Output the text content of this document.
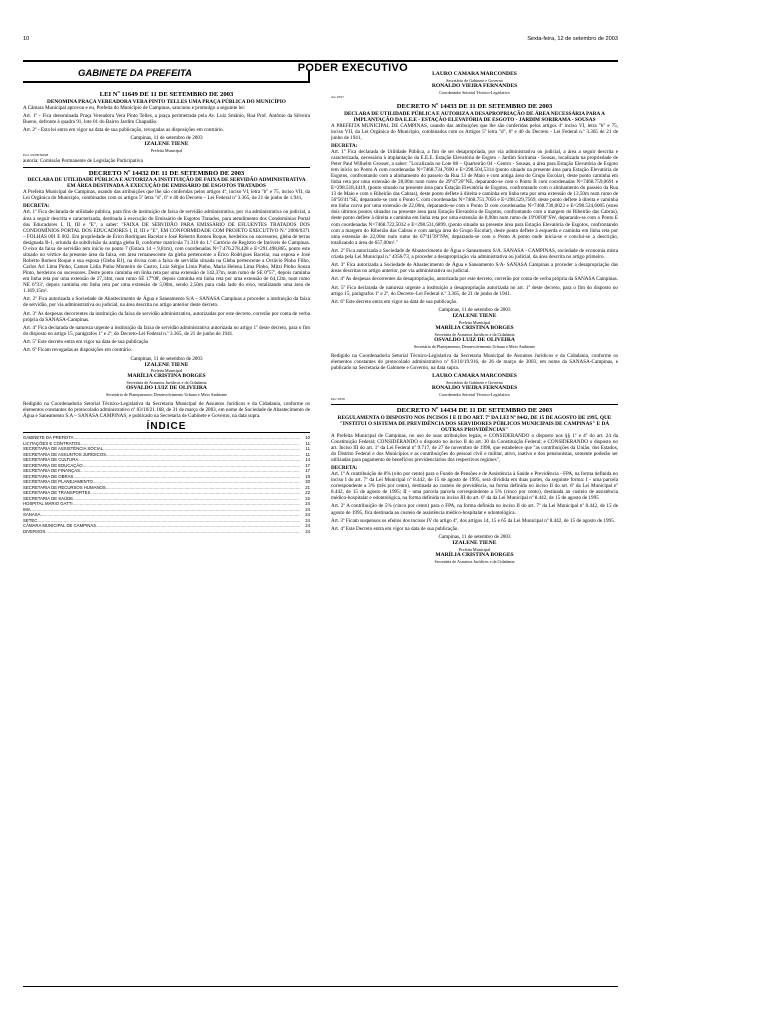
10	Sexta-feira, 12 de setembro de 2003
PODER EXECUTIVO
GABINETE DA PREFEITA
LEI Nº 11649 DE 11 DE SETEMBRO DE 2003
DENOMINA PRAÇA VEREADORA VERA PINTO TELLES UMA PRAÇA PÚBLICA DO MUNICÍPIO

A Câmara Municipal aprovou e eu, Prefeita do Município de Campinas, sanciono e promulgo a seguinte lei:

Art. 1º - Fica denominada Praça Vereadora Vera Pinto Telles, a praça perimetrada pela Av. Luiz Smânio, Rua Prof. Antônio da Silveira Bueno, defronte à quadra 91, lote 01 do Bairro Jardim Chapadão.

Art. 2º - Esta lei entra em vigor na data de sua publicação, revogadas as disposições em contrário.

Campinas, 11 de setembro de 2003
IZALENE TIENE
Prefeita Municipal
Prot. 03/08/36648
autoria: Comissão Permanente de Legislação Participativa
DECRETO Nº 14432 DE 11 DE SETEMBRO DE 2003
DECLARA DE UTILIDADE PÚBLICA E AUTORIZA A INSTITUIÇÃO DE FAIXA DE SERVIDÃO ADMINISTRATIVA EM ÁREA DESTINADA À EXECUÇÃO DE EMISSÁRIO DE ESGOTOS TRATADOS

A Prefeita Municipal de Campinas, usando das atribuições que lhe são conferidas pelos artigos 4º, inciso VI, letra "b" e 75, inciso VII, da Lei Orgânica do Município, combinados com os artigos 5º letra "d", 6º e 40 do Decreto – Lei Federal nº 3.365, de 21 de junho de 1.941,

DECRETA:

Art. 1º Fica declarada de utilidade pública, para fins de instituição de faixa de servidão administrativa, por via administrativa ou judicial, a área a seguir descrita e caracterizada, destinada à execução do Emissário de Esgotos Tratados, para atendimento dos Condomínios Portal dos Educadores I, II, III e "E", a saber: "FAIXA DE SERVIDÃO PARA EMISSÁRIO DE EFLUENTES TRATADOS DOS CONDOMÍNIOS PORTAL DOS EDUCADORES I, II, III e "E", EM CONFORMIDADE COM PROJETO EXECUTIVO N.º 2000/0371 – FOLHAS 001 E 002. Em propriedade de Érico Rodrigues Bacelar e José Roberto Romeu Roque, herdeiros ou sucessores, gleba de terras designada B-1, oriunda da subdivisão da antiga gleba B, conforme matrícula 71.310 do 1.º Cartório de Registro de Imóveis de Campinas. O eixo da faixa de servidão tem início no ponto 7 (Estaca 14 + 9,81m), com coordenadas N=7.476.278,428 e E=291.498,865, ponto este situado no vértice da presente área da faixa, em área remanescente da gleba pertencente a Érico Rodrigues Bacelar, sua esposa e José Roberto Romeu Roque e sua esposa (Gleba B1), na divisa com a faixa de servidão situada na Gleba pertencente a Octávio Pinho Filho, Carlos Ari Lima Pinho, Camen Lídia Pinho Monteiro de Castro, Luiz Sérgio Lima Pinho, Maria Helena Lima Pinho, Mitzi Pinho Souza Pinto, herdeiros ou sucessores. Deste ponto caminha em linha reta por uma extensão de 142,37m, num rumo de SE 0°57', depois caminha em linha reta por uma extensão de 27,34m, num rumo SE 17°08', depois caminha em linha reta por uma extensão de 64,12m, num rumo NE 6°33', depois caminha em linha reta por uma extensão de 5,00m, sendo 2,50m para cada lado do eixo, totalizando uma área de 1.169,15m².

Art. 2º Fica autorizada a Sociedade de Abastecimento de Água e Saneamento S/A – SANASA Campinas a proceder a instituição da faixa de servidão, por via administrativa ou judicial, na área descrita no artigo anterior deste decreto.

Art. 3º As despesas decorrentes da instituição da faixa de servidão administrativa, autorizadas por este decreto, correrão por conta de verba própria da SANASA-Campinas.

Art. 4º Fica declarada de natureza urgente a instituição da faixa de servidão administrativa autorizada no artigo 1º deste decreto, para o fim do disposto no artigo 15, parágrafos 1º e 2º, do Decreto-Lei Federal n.º 3.365, de 21 de junho de 1941.

Art. 5º Este decreto entra em vigor na data de sua publicação

Art. 6º Ficam revogadas as disposições em contrário.

Campinas, 11 de setembro de 2003
IZALENE TIENE
Prefeita Municipal
MARÍLIA CRISTINA BORGES
Secretária de Assuntos Jurídicos e da Cidadania
OSVALDO LUIZ DE OLIVEIRA
Secretário de Planejamento, Desenvolvimento Urbano e Meio Ambiente

Redigido na Coordenadoria Setorial Técnico-Legislativa da Secretaria Municipal de Assuntos Jurídicos e da Cidadania, conforme os elementos constantes do protocolado administrativo nº 03/10/21.168, de 31 de março de 2003, em nome de Sociedade de Abastecimento de Água e Saneamento S.A – SANASA CAMPINAS, e publicado na Secretaria de Gabinete e Governo, na data supra.

ÍNDICE
GABINETE DA PREFEITA .....	10
LICITAÇÕES E CONTRATOS .....	11
SECRETARIA DE ASSISTÊNCIA SOCIAL .....	11
SECRETARIA DE ASSUNTOS JURÍDICOS .....	11
SECRETARIA DE CULTURA .....	14
SECRETARIA DE EDUCAÇÃO .....	17
SECRETARIA DE FINANÇAS .....	17
SECRETARIA DE OBRAS .....	19
SECRETARIA DE PLANEJAMENTO .....	20
SECRETARIA DE RECURSOS HUMANOS .....	21
SECRETARIA DE TRANSPORTES .....	22
SECRETARIA DE SAÚDE .....	22
HOSPITAL MÁRIO GATTI .....	24
IMA .....	24
SANASA .....	24
SETEC .....	24
CÂMARA MUNICIPAL DE CAMPINAS .....	24
DIVERSOS .....	24
LAURO CAMARA MARCONDES
Secretário de Gabinete e Governo
RONALDO VIEIRA FERNANDES
Coordenador Setorial Técnico-Legislativo
doc.0357
DECRETO Nº 14433 DE 11 DE SETEMBRO DE 2003
DECLARA DE UTILIDADE PÚBLICA E AUTORIZA A DESAPROPRIAÇÃO DE ÁREA NECESSÁRIA PARA A IMPLANTAÇÃO DA E.E.E - ESTAÇÃO ELEVATÓRIA DE ESGOTO - JARDIM SORIRAMA - SOUSAS

A PREFEITA MUNICIPAL DE CAMPINAS, usando das atribuições que lhe são conferidas pelos artigos 4º inciso VI, letra "b" e 75, inciso VII, da Lei Orgânica do Município, combinados com os Artigos 5º letra "d", 6º e 40 do Decreto - Lei Federal n.º 3.365 de 21 de junho de 1941,

DECRETA:

Art. 1º Fica declarada de Utilidade Pública, a fim de ser desapropriada, por via administrativa ou judicial, a área a seguir descrita e caracterizada, necessária à implantação da E.E.E. Estação Elevatória de Esgoto – Jardim Sorirama - Sousas, localizada na propriedade de Peter Paul Wilhelm Grosser, a saber: "Localizada no Lote 08 – Quarteirão 04 - Centro - Sousas, a área para Estação Elevatória de Esgoto tem início no Ponto A com coordenadas N=7468.734,7690 e E=298.504,5314 (ponto situado na presente área para Estação Elevatória de Esgotos, confrontando com a alinhamento do passeio da Rua 13 de Maio e com antiga área do Grupo Escolar), deste ponto caminha em linha reta por uma extensão de 28,00m num rumo de 29º47'20"NE, deparando-se com o Ponto B com coordenadas N=7468.759,0691 e E=298.518,4419, (ponto situado na presente área para Estação Elevatória de Esgotos, confrontando com o alinhamento do passeio da Rua 13 de Maio e com o Ribeirão das Cabras), deste ponto deflete à direita e caminha em linha reta por uma extensão de 13,50m num rumo de 56º56'41"SE, deparando-se com o Ponto C com coordenadas N=7468.751,7056 e E=298.529,7569, deste ponto deflete à direita e caminha em linha curva por uma extensão de 22,00m, deparando-se com o Ponto D com coordenadas N=7468.730,0023 e E=298.524,6005 (estes dois últimos pontos situados na presente área para Estação Elevatória de Esgotos, confrontando com a margem do Ribeirão das Cabras), deste ponto deflete à direita e caminha em linha reta por uma extensão de 8,90m num rumo de 19º06'00"SW, deparando-se com o Ponto E com coordenadas N=7468.722,5032 e E=298.531,6899, (ponto situado na presente área para Estação Elevatória de Esgotos, confrontando com a margem do Ribeirão das Cabras e com antiga área do Grupo Escolar), deste ponto deflete à esquerda e caminha em linha reta por uma extensão de 22,00m num rumo de 67º41'39"NW, deparando-se com o Ponto A ponto onde inicia-se e conclui-se a descrição, totalizando a área de 657,00m²."

Art. 2º Fica autorizada a Sociedade de Abastecimento de Água e Saneamento S/A. SANASA - CAMPINAS, sociedade de economia mista criada pela Lei Municipal n.º 4356/73, a proceder a desapropriação via administrativa ou judicial, da área descrita no artigo primeiro.

Art. 3º Fica autorizada a Sociedade de Abastecimento de Água e Saneamento S/A- SANASA Campinas a proceder a desapropriação das áreas descritas no artigo anterior, por via administrativa ou judicial.

Art. 4º As despesas decorrentes da desapropriação, autorizada por este decreto, correrão por conta de verba própria da SANASA Campinas.

Art. 5º Fica declarada de natureza urgente a instituição a desapropriação autorizada no art. 1º deste decreto, para o fim do disposto no artigo 15, parágrafos 1º e 2º, do Decreto–Lei Federal n.º 3.365, de 21 de junho de 1941.

Art. 6º Este decreto entra em vigor na data de sua publicação.

Campinas, 11 de setembro de 2003
IZALENE TIENE
Prefeita Municipal
MARÍLIA CRISTINA BORGES
Secretária de Assuntos Jurídicos e da Cidadania
OSVALDO LUIZ DE OLIVEIRA
Secretário de Planejamento, Desenvolvimento Urbano e Meio Ambiente

Redigido na Coordenadoria Setorial Técnico-Legislativa da Secretaria Municipal de Assuntos Jurídicos e da Cidadania, conforme os elementos constantes do protocolado administrativo nº 03/10/19.916, de 26 de março de 2003, em nome da SANASA-Campinas, e publicado na Secretaria de Gabinete e Governo, na data supra.

LAURO CAMARA MARCONDES
Secretário de Gabinete e Governo
RONALDO VIEIRA FERNANDES
Coordenador Setorial Técnico-Legislativo
Doc.0359
DECRETO Nº 14434 DE 11 DE SETEMBRO DE 2003
REGULAMENTA O DISPOSTO NOS INCISOS I E II DO ART. 7º DA LEI Nº 8442, DE 15 DE AGOSTO DE 1995, QUE "INSTITUI O SISTEMA DE PREVIDÊNCIA DOS SERVIDORES PÚBLICOS MUNICIPAIS DE CAMPINAS" E DÁ OUTRAS PROVIDÊNCIAS"

A Prefeita Municipal de Campinas, no uso de suas atribuições legais, e CONSIDERANDO o disposto nos §§ 1º e 4º do art. 24 da Constituição Federal; CONSIDERANDO o disposto no inciso II do art. 30 da Constituição Federal; e CONSIDERANDO o disposto no art. Inciso III do art. 1º da Lei Federal nº 9.717, de 27 de novembro de 1998, que estabelece que "as contribuições da União, dos Estados, do Distrito Federal e dos Municípios e as contribuições do pessoal civil e militar, ativo, inativo e dos pensionistas, somente poderão ser utilizadas para pagamento de benefícios previdenciários dos respectivos regimes",

DECRETA:

Art. 1º A contribuição de 8% (oito por cento) para o Fundo de Pensões e de Assistência à Saúde e Previdência - FPA, na forma definida no inciso I do art. 7º da Lei Municipal nº 8.442, de 15 de agosto de 1995, será dividida em duas partes, da seguinte forma: I - uma parcela correspondente a 3% (três por cento), destinada ao custeio de previdência, na forma definida no inciso II do art. 6º da Lei Municipal nº 8.442, de 15 de agosto de 1995; II - uma parcela parcela correspondente a 5% (cinco por cento), destinada ao custeio de assistência médico-hospitalar e odontológica, na forma definida no inciso III do art. 6º da da Lei Municipal nº 8.442, de 15 de agosto de 1995

Art. 2º A contribuição de 5% (cinco por cento) para o FPA, na forma definida no inciso II do art. 7º da Lei Municipal nº 8.442, de 15 de agosto de 1995, fica destinada ao custeio de assistência médico-hospitalar e odontológica.

Art. 3º Ficam suspensos os efeitos dos incisos IV do artigo 4º, dos artigos 14, 15 e 65 da Lei Municipal nº 8.442, de 15 de agosto de 1995.

Art. 4º Este Decreto entra em vigor na data de sua publicação.

Campinas, 11 de setembro de 2003
IZALENE TIENE
Prefeita Municipal
MARÍLIA CRISTINA BORGES
Secretária de Assuntos Jurídicos e da Cidadania
